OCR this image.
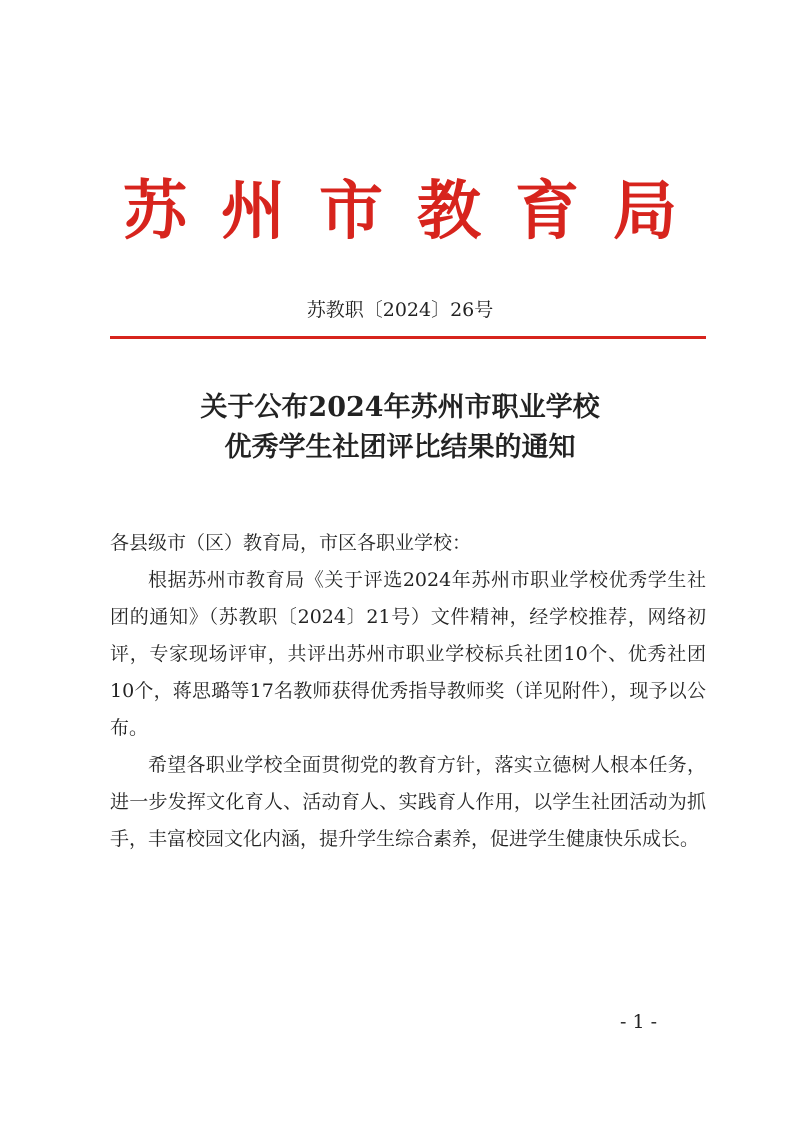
苏州市教育局
苏教职〔2024〕26号
关于公布2024年苏州市职业学校
优秀学生社团评比结果的通知

各县级市（区）教育局，市区各职业学校：

根据苏州市教育局《关于评选2024年苏州市职业学校优秀学生社团的通知》（苏教职〔2024〕21号）文件精神，经学校推荐，网络初评，专家现场评审，共评出苏州市职业学校标兵社团10个、优秀社团10个，蒋思璐等17名教师获得优秀指导教师奖（详见附件），现予以公布。

希望各职业学校全面贯彻党的教育方针，落实立德树人根本任务，进一步发挥文化育人、活动育人、实践育人作用，以学生社团活动为抓手，丰富校园文化内涵，提升学生综合素养，促进学生健康快乐成长。

- 1 -
